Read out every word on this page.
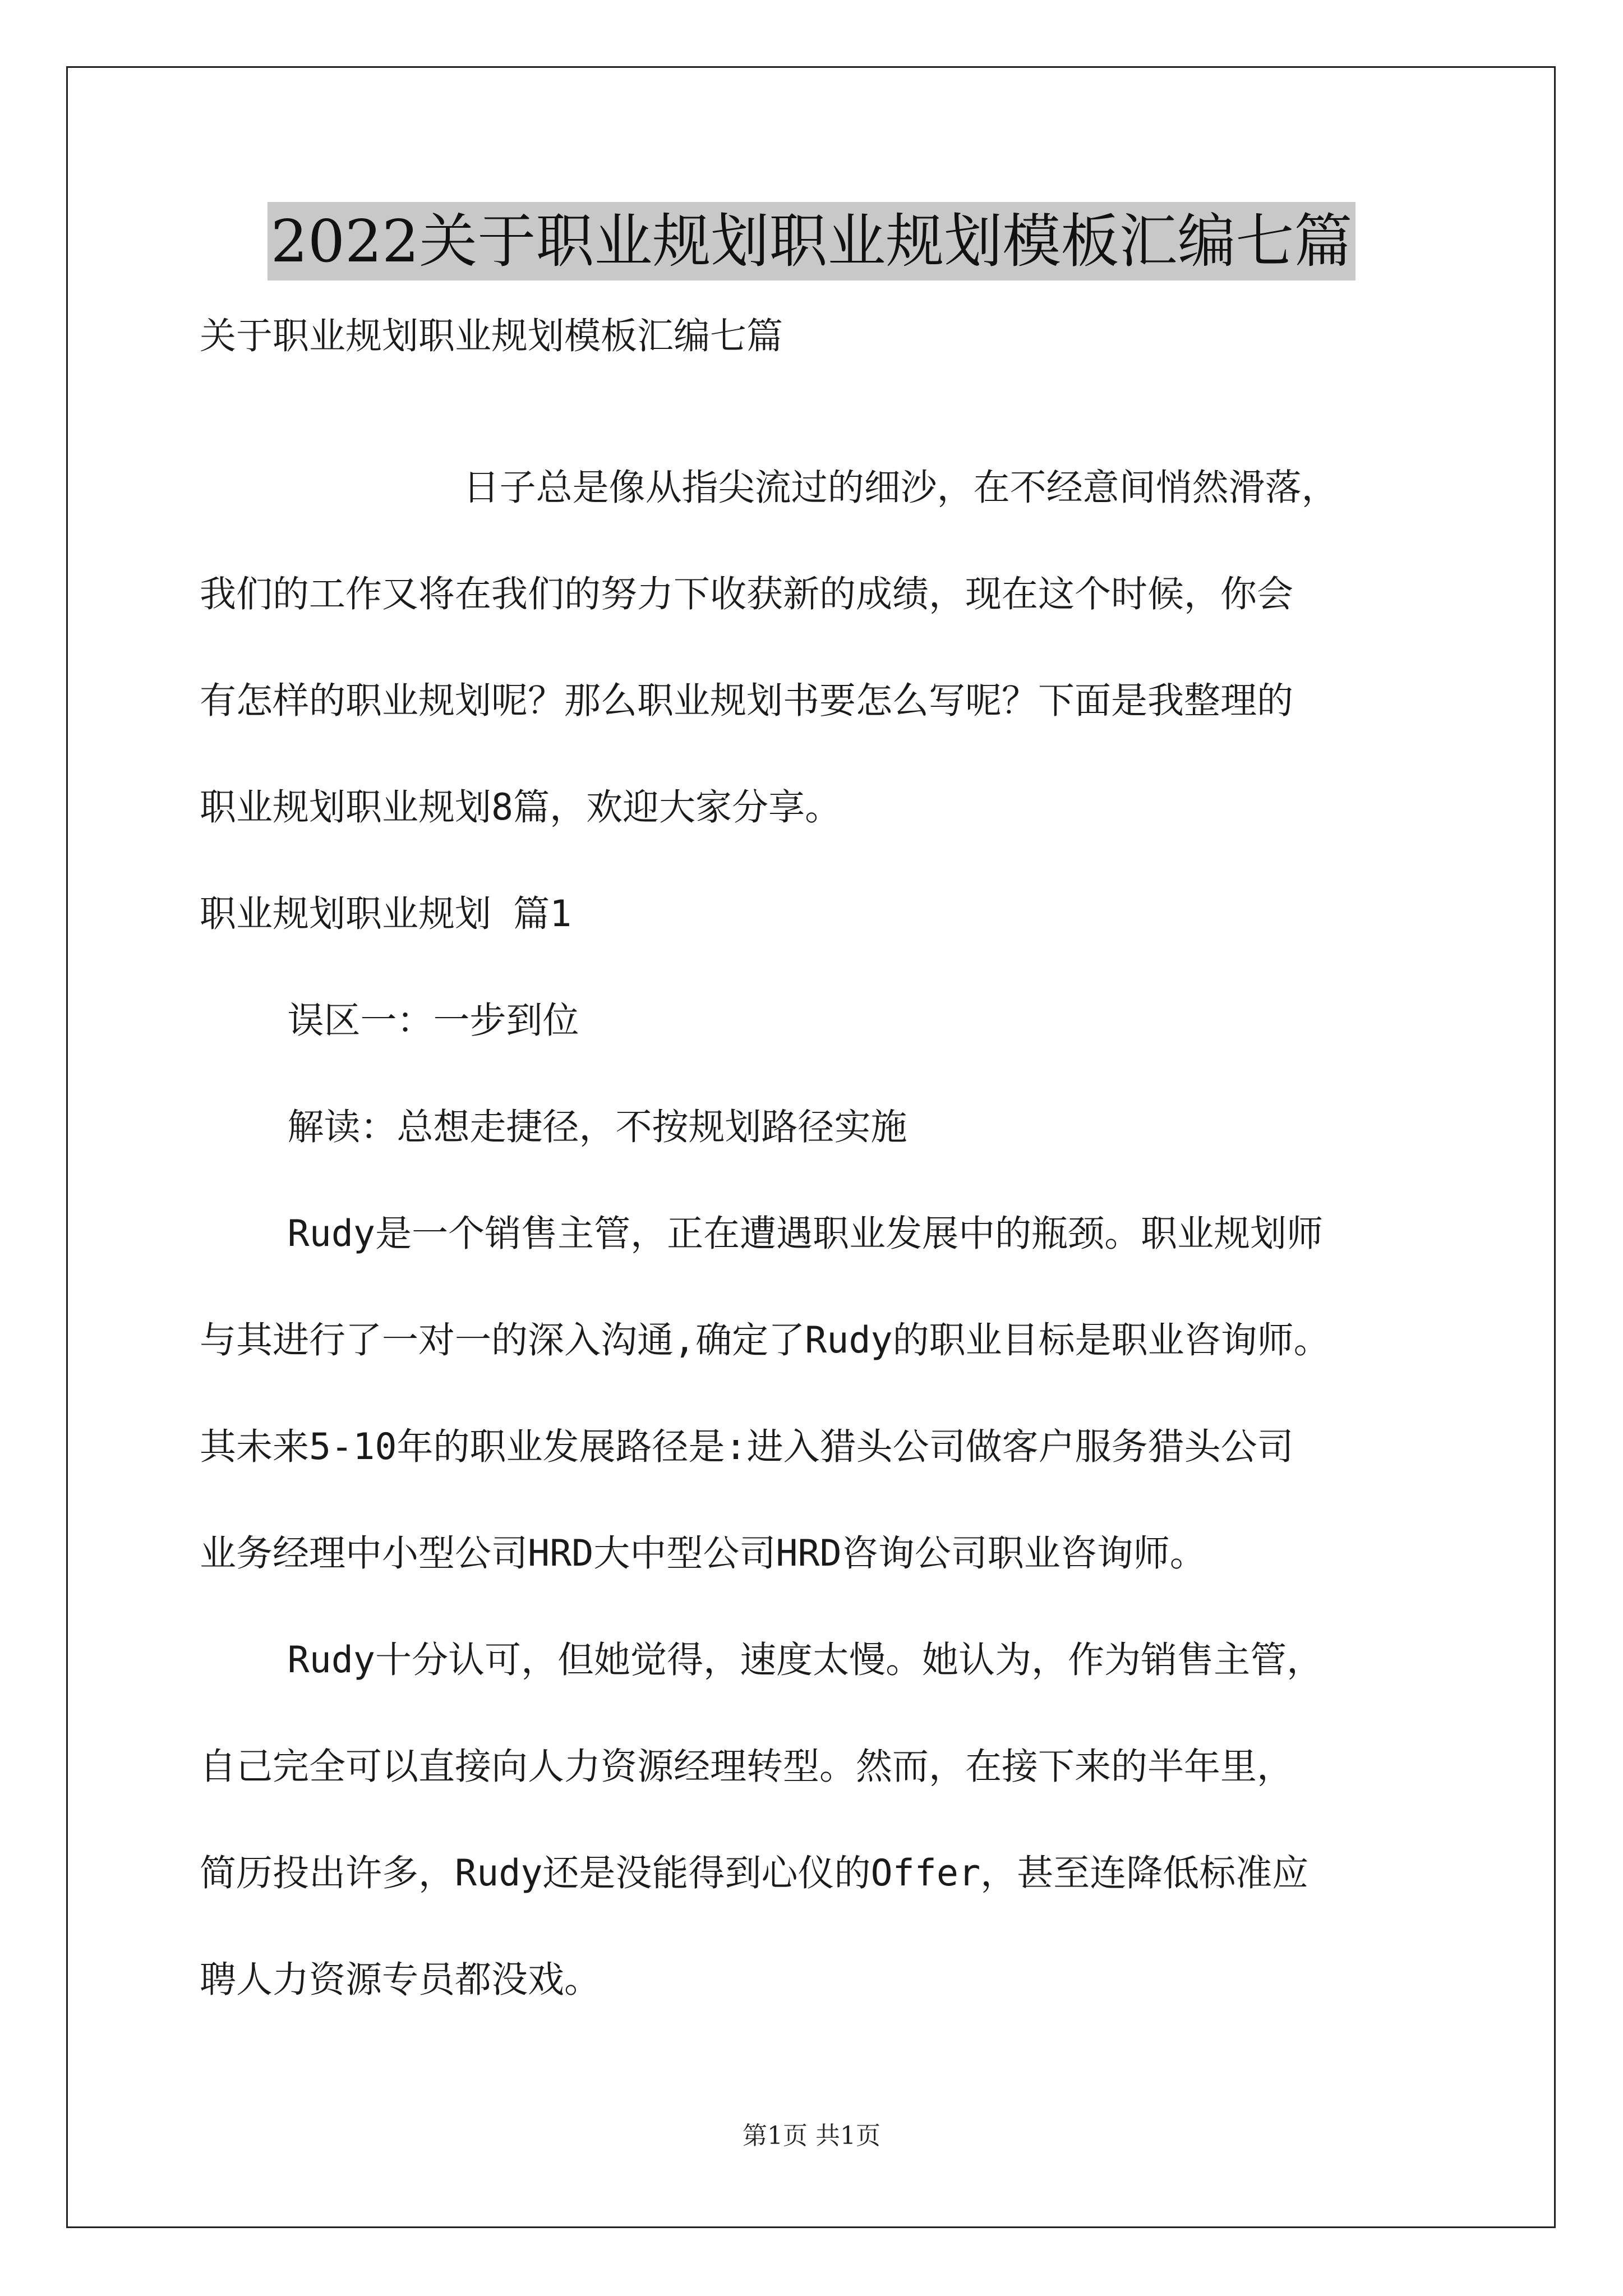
2022关于职业规划职业规划模板汇编七篇
关于职业规划职业规划模板汇编七篇
日子总是像从指尖流过的细沙，在不经意间悄然滑落，
我们的工作又将在我们的努力下收获新的成绩，现在这个时候，你会
有怎样的职业规划呢？那么职业规划书要怎么写呢？下面是我整理的
职业规划职业规划8篇，欢迎大家分享。
职业规划职业规划 篇1
误区一：一步到位
解读：总想走捷径，不按规划路径实施
Rudy是一个销售主管，正在遭遇职业发展中的瓶颈。职业规划师
与其进行了一对一的深入沟通,确定了Rudy的职业目标是职业咨询师。
其未来5-10年的职业发展路径是:进入猎头公司做客户服务猎头公司
业务经理中小型公司HRD大中型公司HRD咨询公司职业咨询师。
Rudy十分认可，但她觉得，速度太慢。她认为，作为销售主管，
自己完全可以直接向人力资源经理转型。然而，在接下来的半年里，
简历投出许多，Rudy还是没能得到心仪的Offer，甚至连降低标准应
聘人力资源专员都没戏。
第1页 共1页
